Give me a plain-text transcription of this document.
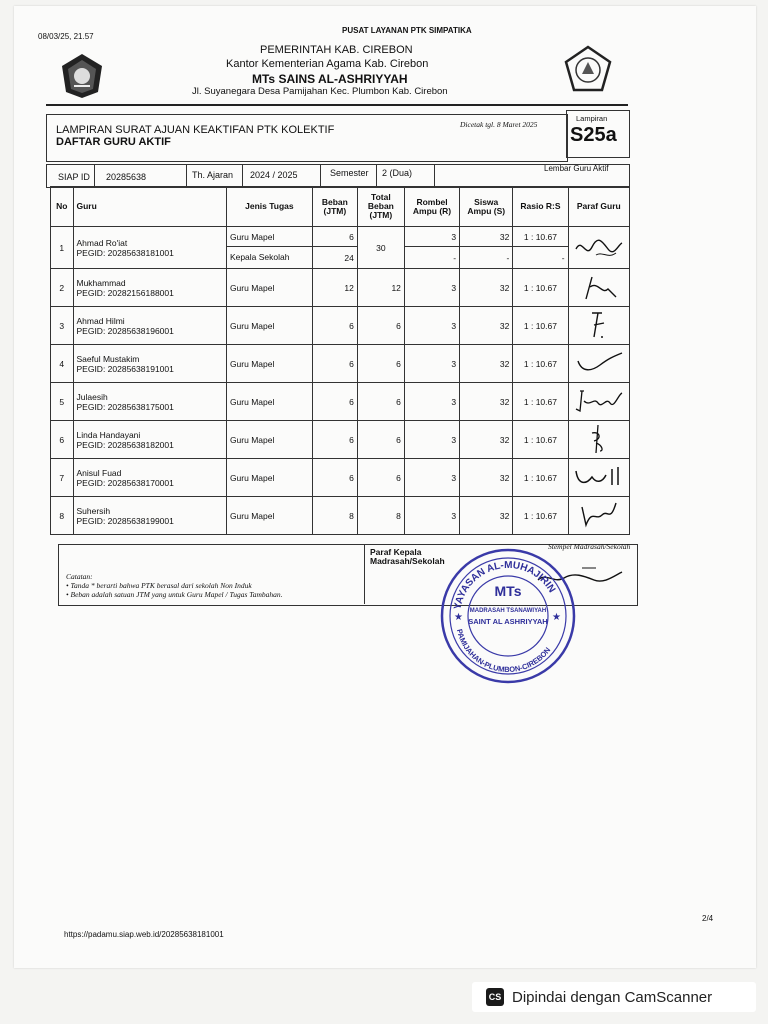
08/03/25, 21.57
PUSAT LAYANAN PTK SIMPATIKA
PEMERINTAH KAB. CIREBON
Kantor Kementerian Agama Kab. Cirebon
MTs SAINS AL-ASHRIYYAH
Jl. Suyanegara Desa Pamijahan Kec. Plumbon Kab. Cirebon
LAMPIRAN SURAT AJUAN KEAKTIFAN PTK KOLEKTIF
DAFTAR GURU AKTIF
Dicetak tgl. 8 Maret 2025
Lampiran
S25a
SIAP ID 20285638	Th. Ajaran 2024 / 2025	Semester 2 (Dua)	Lembar Guru Aktif
No	Guru	Jenis Tugas	Beban (JTM)	Total Beban (JTM)	Rombel Ampu (R)	Siswa Ampu (S)	Rasio R:S	Paraf Guru
1	Ahmad Ro'iat
PEGID: 20285638181001	Guru Mapel	6	30	3	32	1 : 10.67	
		Kepala Sekolah	24		-	-	-	
2	Mukhammad
PEGID: 20282156188001	Guru Mapel	12	12	3	32	1 : 10.67	
3	Ahmad Hilmi
PEGID: 20285638196001	Guru Mapel	6	6	3	32	1 : 10.67	
4	Saeful Mustakim
PEGID: 20285638191001	Guru Mapel	6	6	3	32	1 : 10.67	
5	Julaesih
PEGID: 20285638175001	Guru Mapel	6	6	3	32	1 : 10.67	
6	Linda Handayani
PEGID: 20285638182001	Guru Mapel	6	6	3	32	1 : 10.67	
7	Anisul Fuad
PEGID: 20285638170001	Guru Mapel	6	6	3	32	1 : 10.67	
8	Suhersih
PEGID: 20285638199001	Guru Mapel	8	8	3	32	1 : 10.67	
Catatan:
• Tanda * berarti bahwa PTK berasal dari sekolah Non Induk
• Beban adalah satuan JTM yang untuk Guru Mapel / Tugas Tambahan.
Paraf Kepala Madrasah/Sekolah
Stempel Madrasah/Sekolah
YAYASAN AL-MUHAJIRIN
PAMIJAHAN-PLUMBON-CIREBON
MTs
MADRASAH TSANAWIYAH
SAINT AL ASHRIYYAH
★	★
2/4
https://padamu.siap.web.id/20285638181001
CS Dipindai dengan CamScanner
